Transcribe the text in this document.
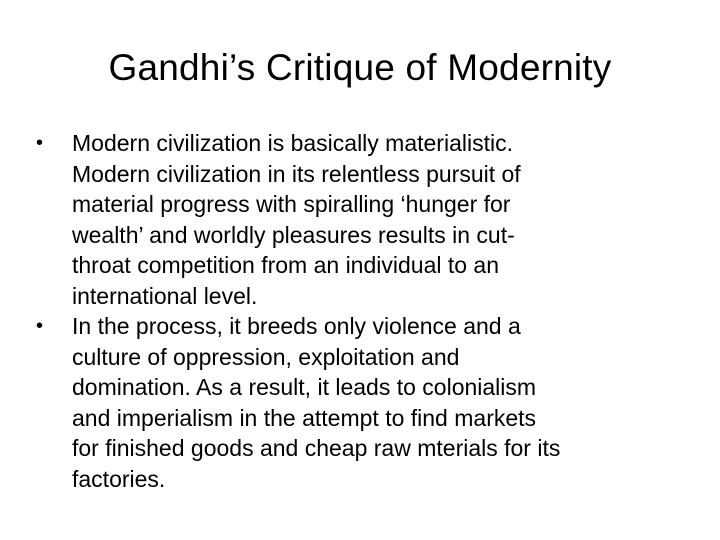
Gandhi’s Critique of Modernity
•	Modern civilization is basically materialistic.
Modern civilization in its relentless pursuit of
material progress with spiralling ‘hunger for
wealth’ and worldly pleasures results in cut-
throat competition from an individual to an
international level.
•	In the process, it breeds only violence and a
culture of oppression, exploitation and
domination. As a result, it leads to colonialism
and imperialism in the attempt to find markets
for finished goods and cheap raw mterials for its
factories.
